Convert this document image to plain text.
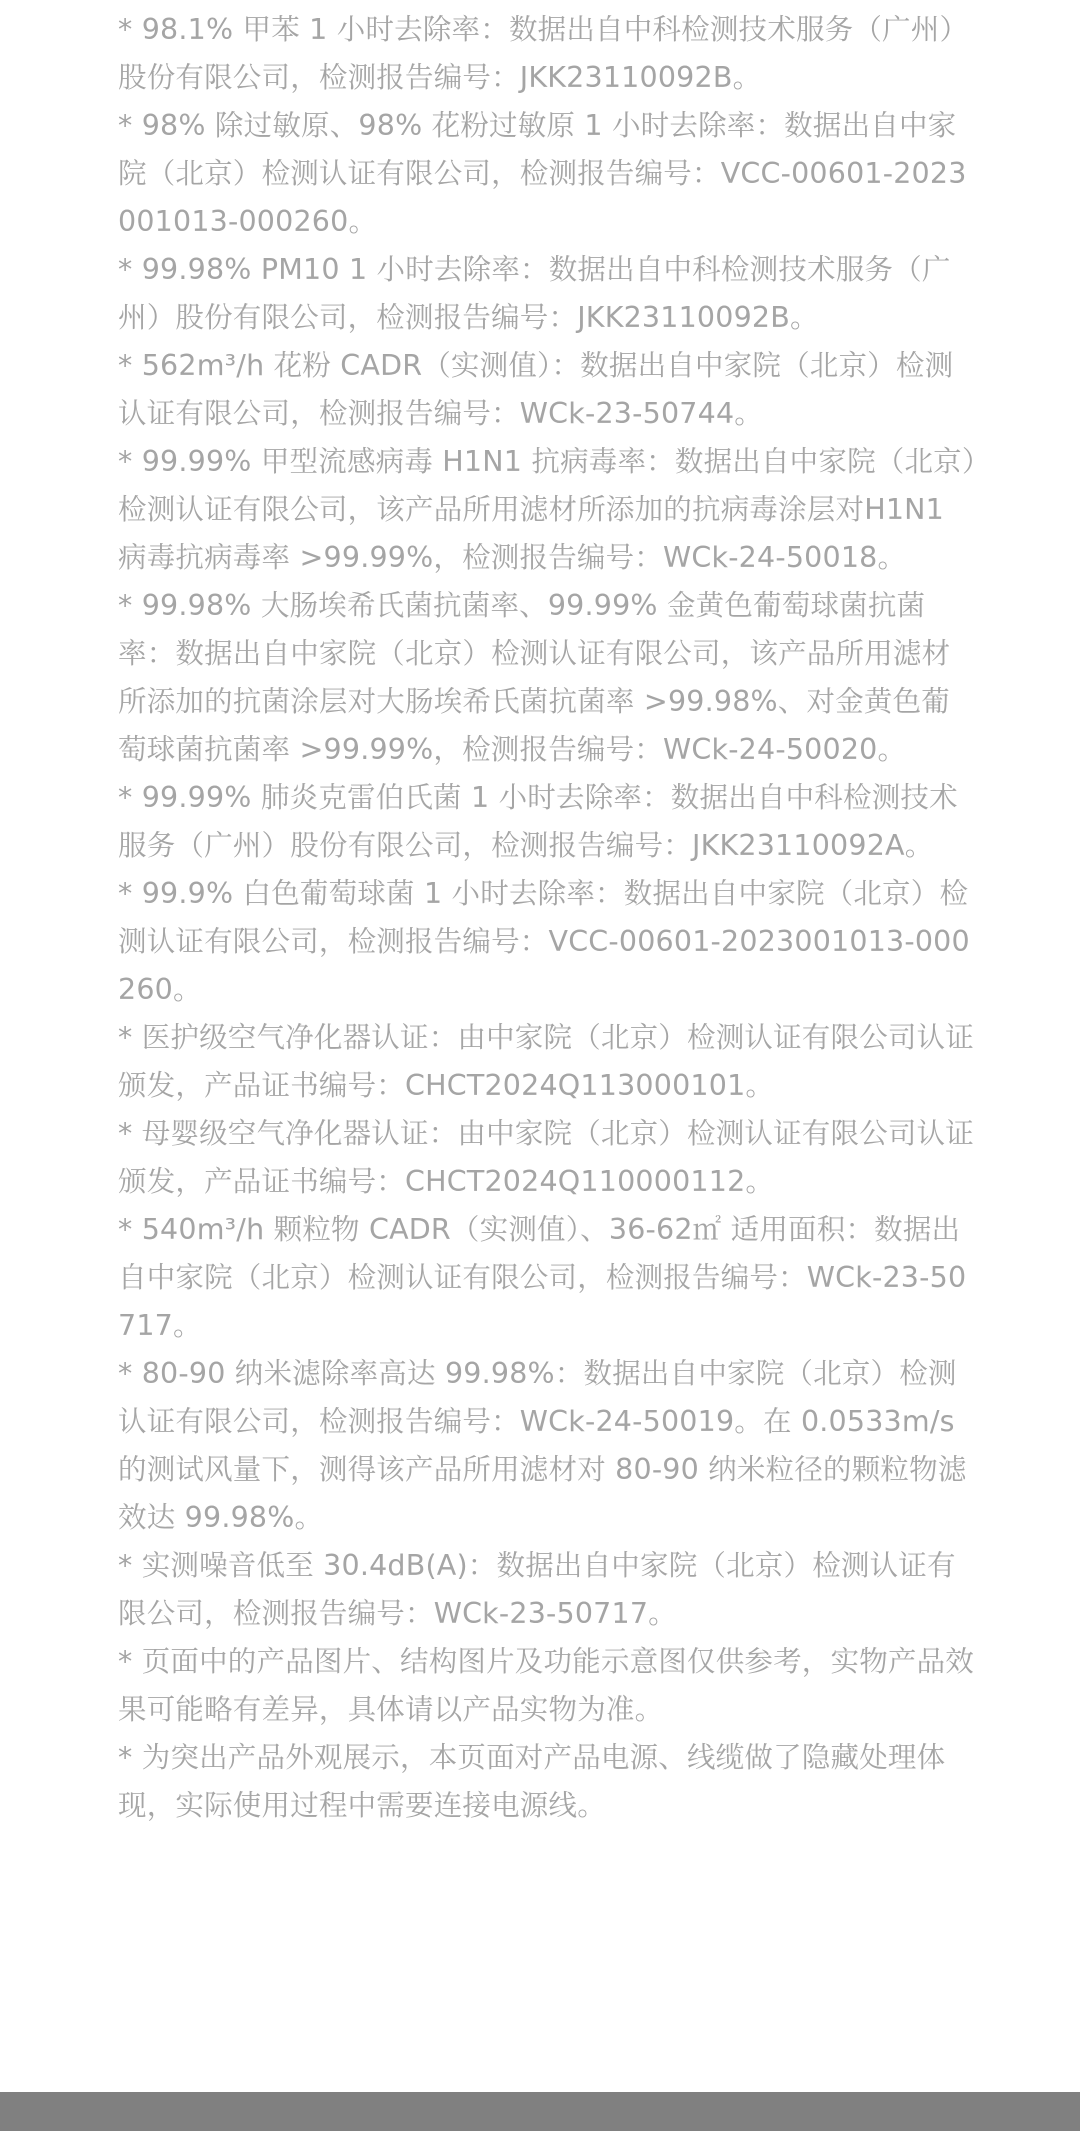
* 98.1% 甲苯 1 小时去除率：数据出自中科检测技术服务（广州）股份有限公司，检测报告编号：JKK23110092B。

* 98% 除过敏原、98% 花粉过敏原 1 小时去除率：数据出自中家院（北京）检测认证有限公司，检测报告编号：VCC-00601-2023001013-000260。

* 99.98% PM10 1 小时去除率：数据出自中科检测技术服务（广州）股份有限公司，检测报告编号：JKK23110092B。

* 562m³/h 花粉 CADR（实测值）：数据出自中家院（北京）检测认证有限公司，检测报告编号：WCk-23-50744。

* 99.99% 甲型流感病毒 H1N1 抗病毒率：数据出自中家院（北京）检测认证有限公司，该产品所用滤材所添加的抗病毒涂层对H1N1 病毒抗病毒率 >99.99%，检测报告编号：WCk-24-50018。

* 99.98% 大肠埃希氏菌抗菌率、99.99% 金黄色葡萄球菌抗菌率：数据出自中家院（北京）检测认证有限公司，该产品所用滤材所添加的抗菌涂层对大肠埃希氏菌抗菌率 >99.98%、对金黄色葡萄球菌抗菌率 >99.99%，检测报告编号：WCk-24-50020。

* 99.99% 肺炎克雷伯氏菌 1 小时去除率：数据出自中科检测技术服务（广州）股份有限公司，检测报告编号：JKK23110092A。

* 99.9% 白色葡萄球菌 1 小时去除率：数据出自中家院（北京）检测认证有限公司，检测报告编号：VCC-00601-2023001013-000260。

* 医护级空气净化器认证：由中家院（北京）检测认证有限公司认证颁发，产品证书编号：CHCT2024Q113000101。

* 母婴级空气净化器认证：由中家院（北京）检测认证有限公司认证颁发，产品证书编号：CHCT2024Q110000112。

* 540m³/h 颗粒物 CADR（实测值）、36-62㎡ 适用面积：数据出自中家院（北京）检测认证有限公司，检测报告编号：WCk-23-50717。

* 80-90 纳米滤除率高达 99.98%：数据出自中家院（北京）检测认证有限公司，检测报告编号：WCk-24-50019。在 0.0533m/s 的测试风量下，测得该产品所用滤材对 80-90 纳米粒径的颗粒物滤效达 99.98%。

* 实测噪音低至 30.4dB(A)：数据出自中家院（北京）检测认证有限公司，检测报告编号：WCk-23-50717。

* 页面中的产品图片、结构图片及功能示意图仅供参考，实物产品效果可能略有差异，具体请以产品实物为准。

* 为突出产品外观展示，本页面对产品电源、线缆做了隐藏处理体现，实际使用过程中需要连接电源线。
